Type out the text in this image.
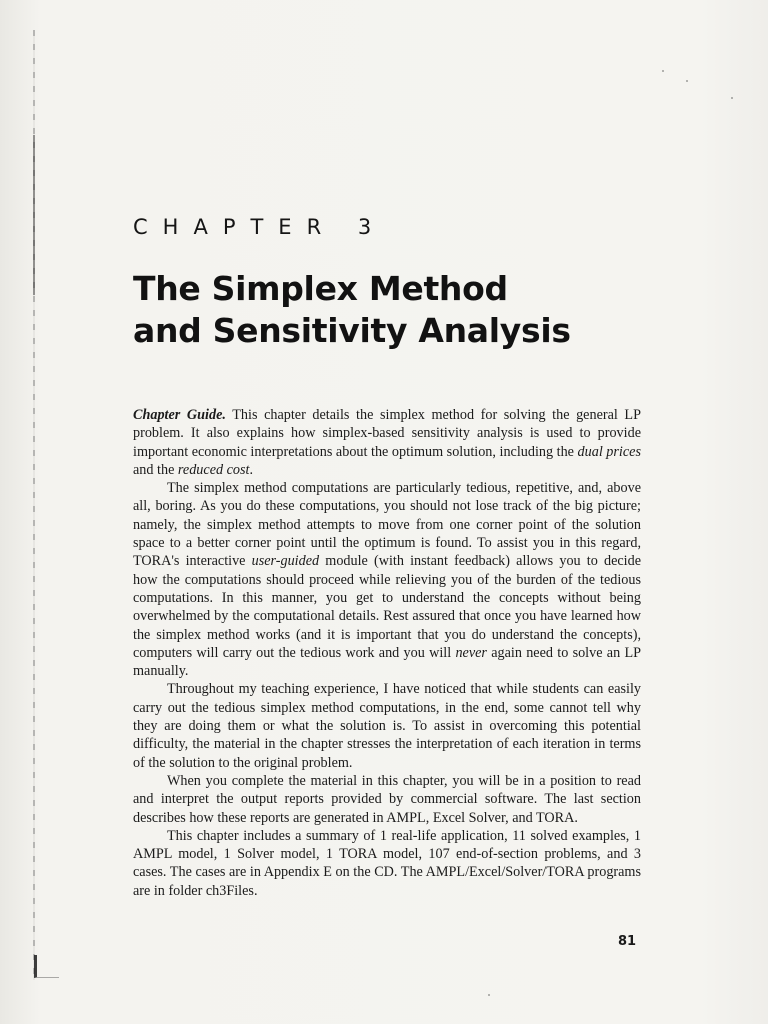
CHAPTER 3
The Simplex Method
and Sensitivity Analysis

Chapter Guide. This chapter details the simplex method for solving the general LP problem. It also explains how simplex-based sensitivity analysis is used to provide important economic interpretations about the optimum solution, including the dual prices and the reduced cost.

The simplex method computations are particularly tedious, repetitive, and, above all, boring. As you do these computations, you should not lose track of the big picture; namely, the simplex method attempts to move from one corner point of the solution space to a better corner point until the optimum is found. To assist you in this regard, TORA's interactive user-guided module (with instant feedback) allows you to decide how the computations should proceed while relieving you of the burden of the tedious computations. In this manner, you get to understand the concepts without being overwhelmed by the computational details. Rest assured that once you have learned how the simplex method works (and it is important that you do understand the concepts), computers will carry out the tedious work and you will never again need to solve an LP manually.

Throughout my teaching experience, I have noticed that while students can easily carry out the tedious simplex method computations, in the end, some cannot tell why they are doing them or what the solution is. To assist in overcoming this potential difficulty, the material in the chapter stresses the interpretation of each iteration in terms of the solution to the original problem.

When you complete the material in this chapter, you will be in a position to read and interpret the output reports provided by commercial software. The last section describes how these reports are generated in AMPL, Excel Solver, and TORA.

This chapter includes a summary of 1 real-life application, 11 solved examples, 1 AMPL model, 1 Solver model, 1 TORA model, 107 end-of-section problems, and 3 cases. The cases are in Appendix E on the CD. The AMPL/Excel/Solver/TORA programs are in folder ch3Files.

81
